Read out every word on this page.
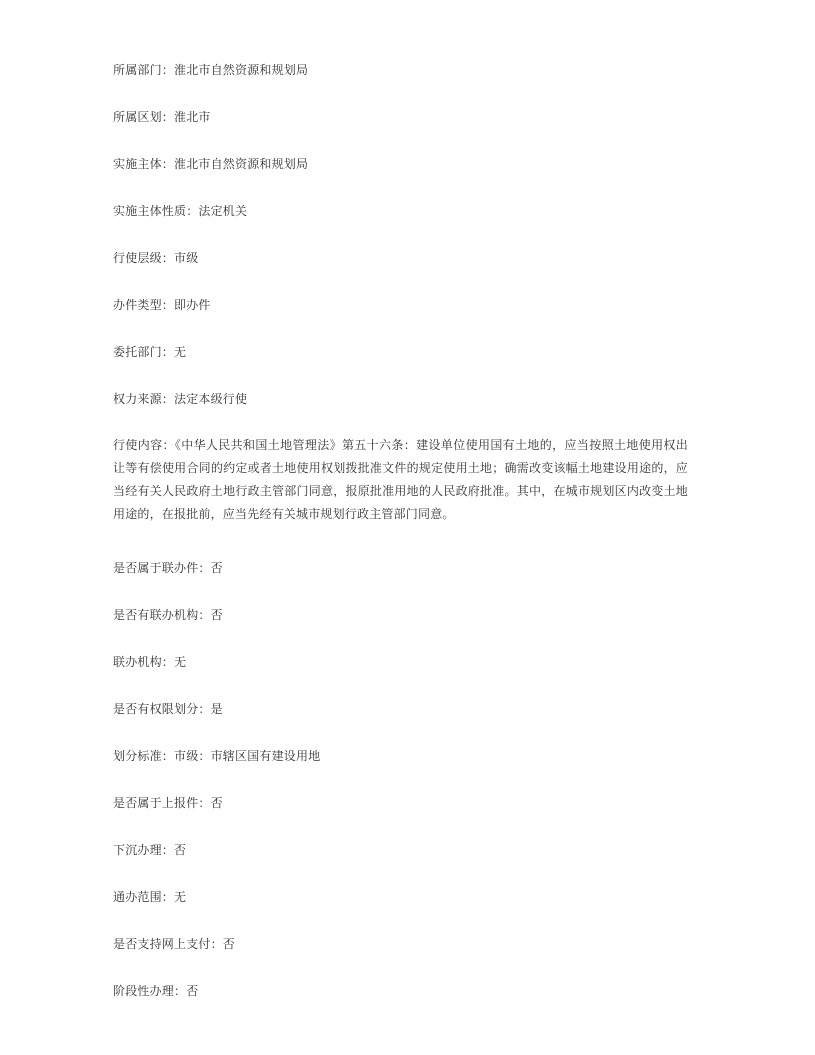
所属部门：淮北市自然资源和规划局
所属区划：淮北市
实施主体：淮北市自然资源和规划局
实施主体性质：法定机关
行使层级：市级
办件类型：即办件
委托部门：无
权力来源：法定本级行使
行使内容：《中华人民共和国土地管理法》第五十六条：建设单位使用国有土地的，应当按照土地使用权出让等有偿使用合同的约定或者土地使用权划拨批准文件的规定使用土地；确需改变该幅土地建设用途的，应当经有关人民政府土地行政主管部门同意，报原批准用地的人民政府批准。其中，在城市规划区内改变土地用途的，在报批前，应当先经有关城市规划行政主管部门同意。
是否属于联办件：否
是否有联办机构：否
联办机构：无
是否有权限划分：是
划分标准：市级：市辖区国有建设用地
是否属于上报件：否
下沉办理：否
通办范围：无
是否支持网上支付：否
阶段性办理：否
